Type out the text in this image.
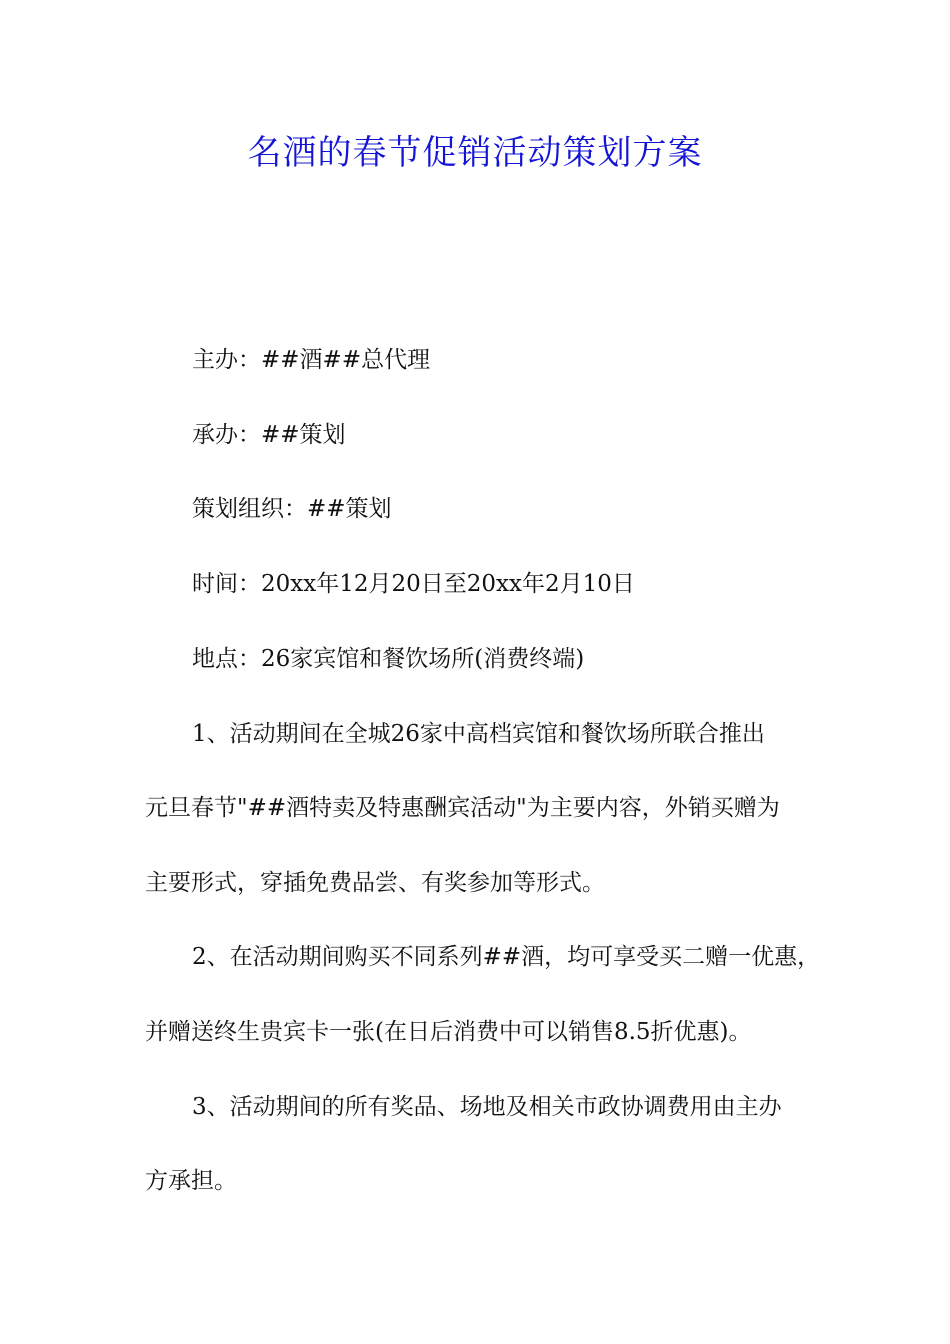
名酒的春节促销活动策划方案
主办：##酒##总代理
承办：##策划
策划组织：##策划
时间：20xx年12月20日至20xx年2月10日
地点：26家宾馆和餐饮场所(消费终端)
1、活动期间在全城26家中高档宾馆和餐饮场所联合推出
元旦春节"##酒特卖及特惠酬宾活动"为主要内容，外销买赠为
主要形式，穿插免费品尝、有奖参加等形式。
2、在活动期间购买不同系列##酒，均可享受买二赠一优惠，
并赠送终生贵宾卡一张(在日后消费中可以销售8.5折优惠)。
3、活动期间的所有奖品、场地及相关市政协调费用由主办
方承担。
